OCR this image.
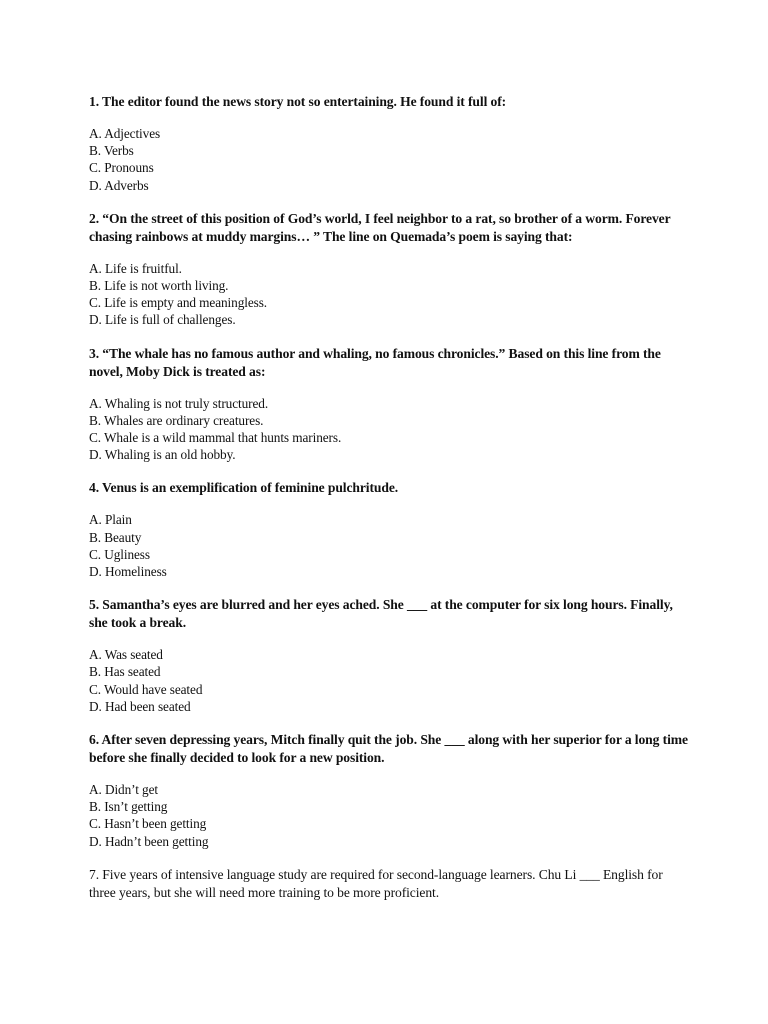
1. The editor found the news story not so entertaining. He found it full of:

A. Adjectives
B. Verbs
C. Pronouns
D. Adverbs

2. “On the street of this position of God’s world, I feel neighbor to a rat, so brother of a worm. Forever chasing rainbows at muddy margins… ” The line on Quemada’s poem is saying that:

A. Life is fruitful.
B. Life is not worth living.
C. Life is empty and meaningless.
D. Life is full of challenges.

3. “The whale has no famous author and whaling, no famous chronicles.” Based on this line from the novel, Moby Dick is treated as:

A. Whaling is not truly structured.
B. Whales are ordinary creatures.
C. Whale is a wild mammal that hunts mariners.
D. Whaling is an old hobby.

4. Venus is an exemplification of feminine pulchritude.

A. Plain
B. Beauty
C. Ugliness
D. Homeliness

5. Samantha’s eyes are blurred and her eyes ached. She ___ at the computer for six long hours. Finally, she took a break.

A. Was seated
B. Has seated
C. Would have seated
D. Had been seated

6. After seven depressing years, Mitch finally quit the job. She ___ along with her superior for a long time before she finally decided to look for a new position.

A. Didn’t get
B. Isn’t getting
C. Hasn’t been getting
D. Hadn’t been getting

7. Five years of intensive language study are required for second-language learners. Chu Li ___ English for three years, but she will need more training to be more proficient.
